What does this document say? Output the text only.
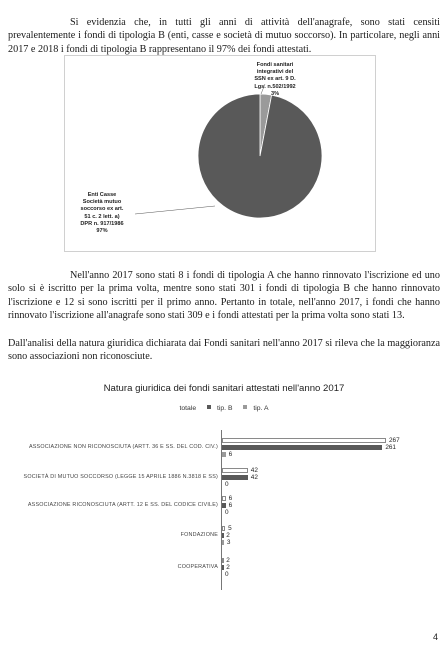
Si evidenzia che, in tutti gli anni di attività dell'anagrafe, sono stati censiti prevalentemente i fondi di tipologia B (enti, casse e società di mutuo soccorso). In particolare, negli anni 2017 e 2018 i fondi di tipologia B rappresentano il 97% dei fondi attestati.

Fondi sanitari
integrativi del
SSN ex art. 9 D.
Lgs. n.502/1992
3%
Enti Casse
Società mutuo
soccorso ex art.
51 c. 2 lett. a)
DPR n. 917/1986
97%

Nell'anno 2017 sono stati 8 i fondi di tipologia A che hanno rinnovato l'iscrizione ed uno solo si è iscritto per la prima volta, mentre sono stati 301 i fondi di tipologia B che hanno rinnovato l'iscrizione e 12 si sono iscritti per il primo anno. Pertanto in totale, nell'anno 2017, i fondi che hanno rinnovato l'iscrizione all'anagrafe sono stati 309 e i fondi attestati per la prima volta sono stati 13.

Dall'analisi della natura giuridica dichiarata dai Fondi sanitari nell'anno 2017 si rileva che la maggioranza sono associazioni non riconosciute.

Natura giuridica dei fondi sanitari attestati nell'anno 2017
totale	tip. B	tip. A
ASSOCIAZIONE NON RICONOSCIUTA (ARTT. 36 E SS. DEL COD. CIV.)
267
261
6
SOCIETÀ DI MUTUO SOCCORSO (LEGGE 15 APRILE 1886 N.3818 E SS)
42
42
0
ASSOCIAZIONE RICONOSCIUTA (ARTT. 12 E SS. DEL CODICE CIVILE)
6
6
0
FONDAZIONE
5
2
3
COOPERATIVA
2
2
0
4
